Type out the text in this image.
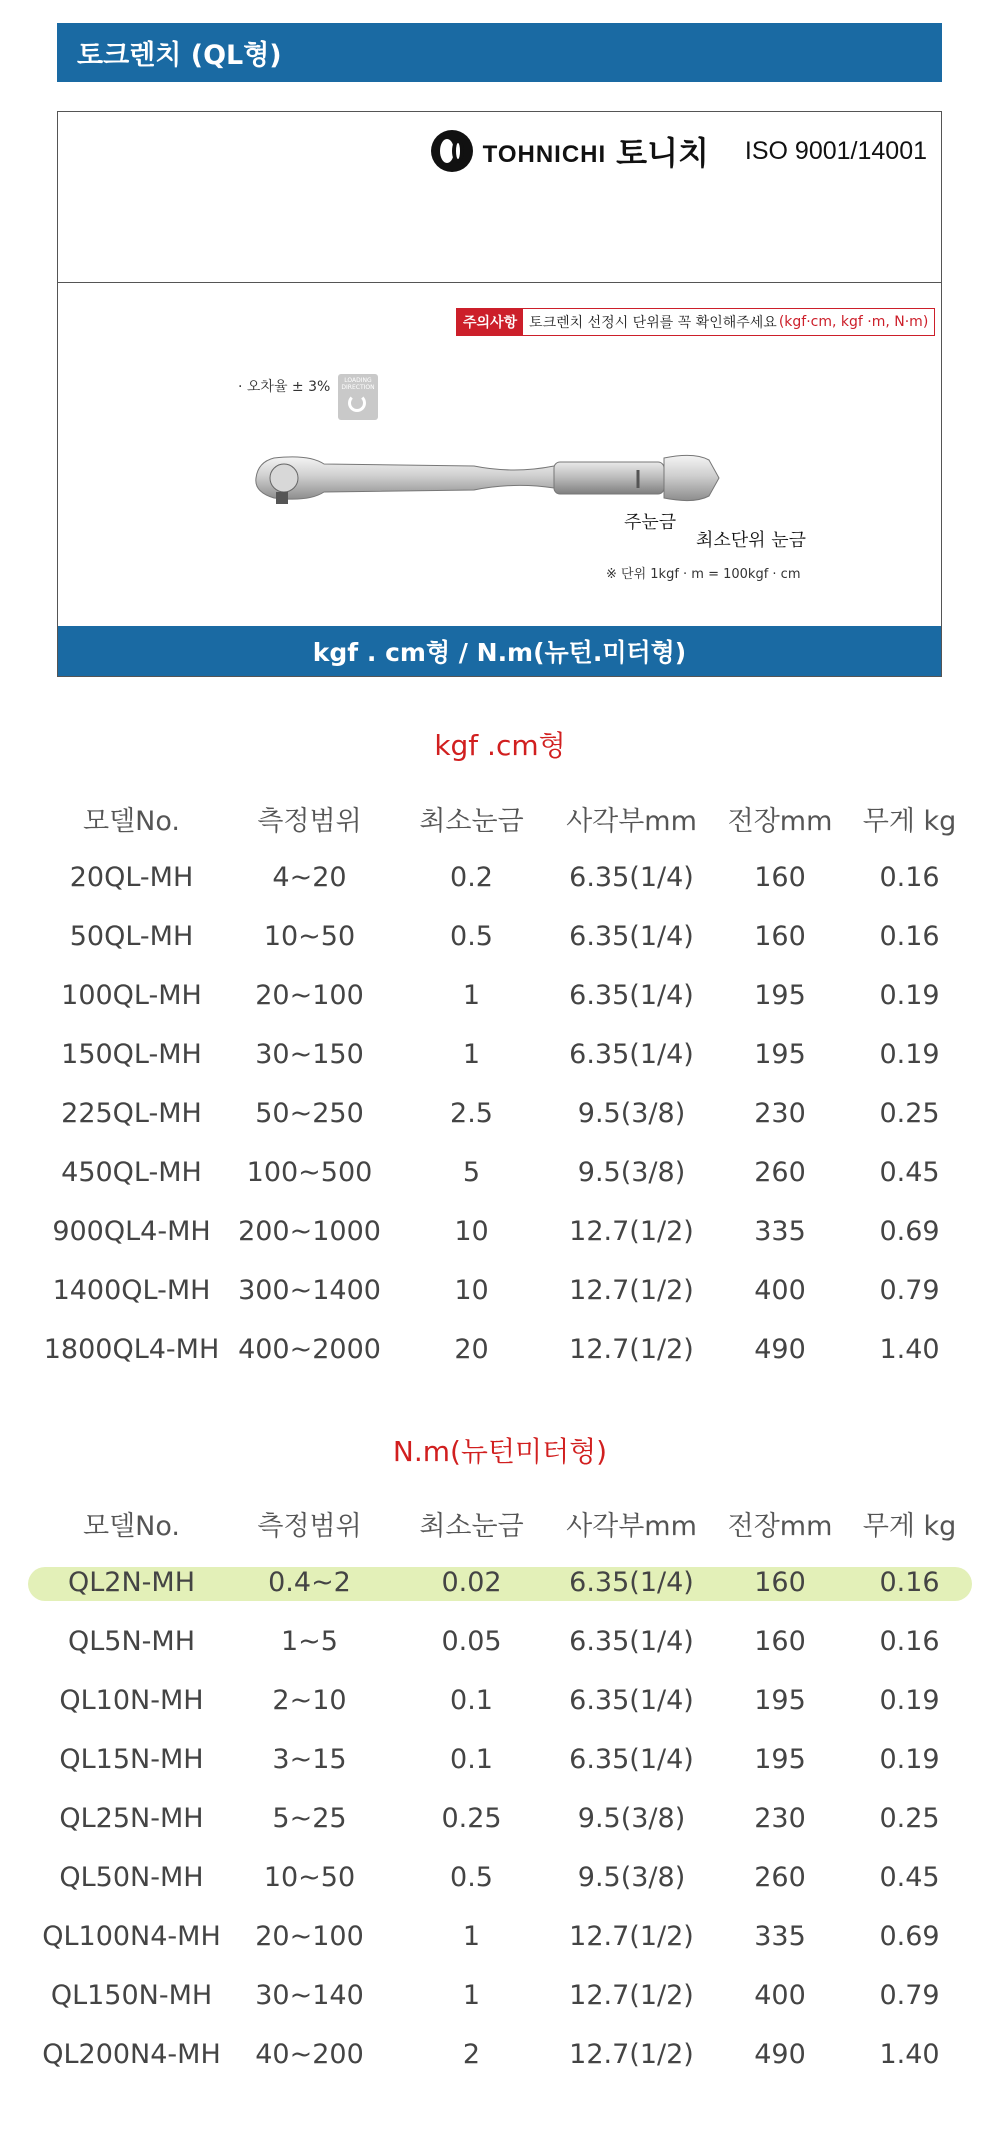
토크렌치 (QL형)
TOHNICHI 토니치 ISO 9001/14001
주의사항 토크렌치 선정시 단위를 꼭 확인해주세요 (kgf·cm, kgf ·m, N·m)
· 오차율 ± 3%	LOADING DIRECTION
주눈금
최소단위 눈금
※ 단위 1kgf · m = 100kgf · cm
kgf . cm형 / N.m(뉴턴.미터형)
kgf .cm형
모델No.	측정범위	최소눈금	사각부mm	전장mm	무게 kg
20QL-MH	4~20	0.2	6.35(1/4)	160	0.16
50QL-MH	10~50	0.5	6.35(1/4)	160	0.16
100QL-MH	20~100	1	6.35(1/4)	195	0.19
150QL-MH	30~150	1	6.35(1/4)	195	0.19
225QL-MH	50~250	2.5	9.5(3/8)	230	0.25
450QL-MH	100~500	5	9.5(3/8)	260	0.45
900QL4-MH	200~1000	10	12.7(1/2)	335	0.69
1400QL-MH	300~1400	10	12.7(1/2)	400	0.79
1800QL4-MH	400~2000	20	12.7(1/2)	490	1.40
N.m(뉴턴미터형)
모델No.	측정범위	최소눈금	사각부mm	전장mm	무게 kg
QL2N-MH	0.4~2	0.02	6.35(1/4)	160	0.16
QL5N-MH	1~5	0.05	6.35(1/4)	160	0.16
QL10N-MH	2~10	0.1	6.35(1/4)	195	0.19
QL15N-MH	3~15	0.1	6.35(1/4)	195	0.19
QL25N-MH	5~25	0.25	9.5(3/8)	230	0.25
QL50N-MH	10~50	0.5	9.5(3/8)	260	0.45
QL100N4-MH	20~100	1	12.7(1/2)	335	0.69
QL150N-MH	30~140	1	12.7(1/2)	400	0.79
QL200N4-MH	40~200	2	12.7(1/2)	490	1.40
